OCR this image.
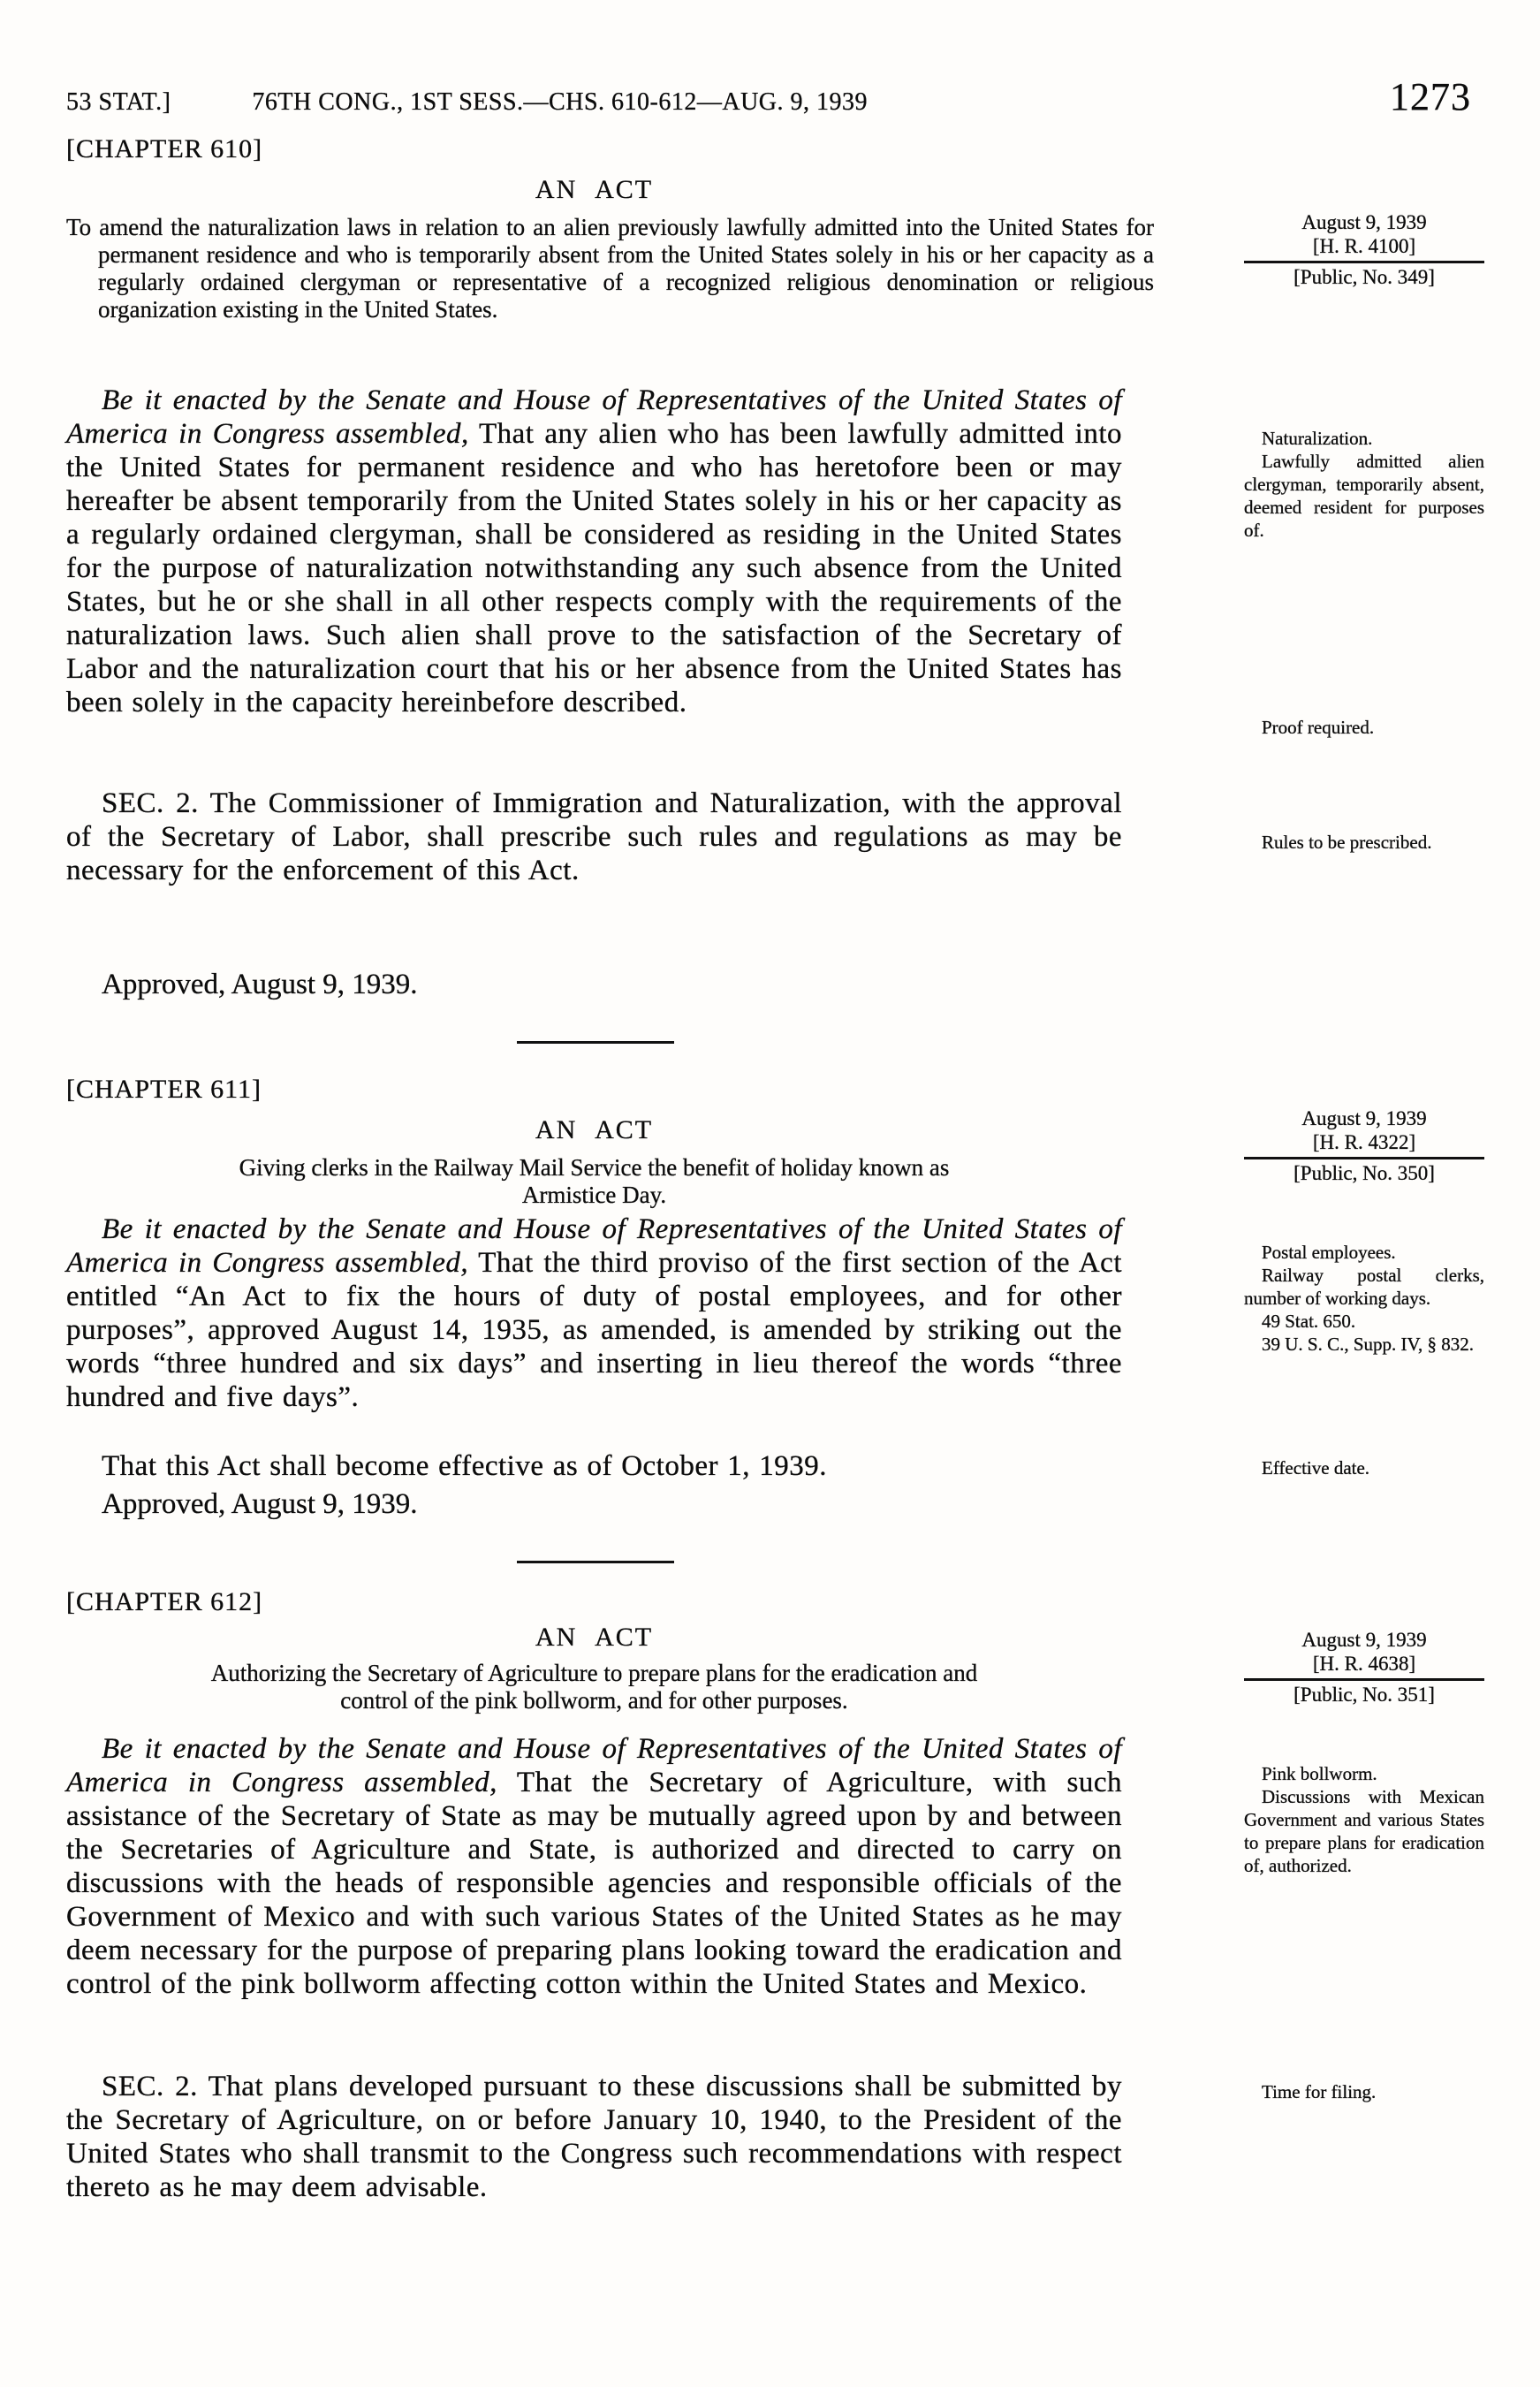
53 STAT.]	76TH CONG., 1ST SESS.—CHS. 610-612—AUG. 9, 1939	1273
[CHAPTER 610]
AN ACT
To amend the naturalization laws in relation to an alien previously lawfully admitted into the United States for permanent residence and who is temporarily absent from the United States solely in his or her capacity as a regularly ordained clergyman or representative of a recognized religious denomination or religious organization existing in the United States.

Be it enacted by the Senate and House of Representatives of the United States of America in Congress assembled, That any alien who has been lawfully admitted into the United States for permanent residence and who has heretofore been or may hereafter be absent temporarily from the United States solely in his or her capacity as a regularly ordained clergyman, shall be considered as residing in the United States for the purpose of naturalization notwithstanding any such absence from the United States, but he or she shall in all other respects comply with the requirements of the naturalization laws. Such alien shall prove to the satisfaction of the Secretary of Labor and the naturalization court that his or her absence from the United States has been solely in the capacity hereinbefore described.

SEC. 2. The Commissioner of Immigration and Naturalization, with the approval of the Secretary of Labor, shall prescribe such rules and regulations as may be necessary for the enforcement of this Act.

Approved, August 9, 1939.

August 9, 1939
[H. R. 4100]
[Public, No. 349]

Naturalization.

Lawfully admitted alien clergyman, temporarily absent, deemed resident for purposes of.

Proof required.

Rules to be prescribed.

[CHAPTER 611]
AN ACT
Giving clerks in the Railway Mail Service the benefit of holiday known as
Armistice Day.

Be it enacted by the Senate and House of Representatives of the United States of America in Congress assembled, That the third proviso of the first section of the Act entitled “An Act to fix the hours of duty of postal employees, and for other purposes”, approved August 14, 1935, as amended, is amended by striking out the words “three hundred and six days” and inserting in lieu thereof the words “three hundred and five days”.

That this Act shall become effective as of October 1, 1939.

Approved, August 9, 1939.

August 9, 1939
[H. R. 4322]
[Public, No. 350]

Postal employees.

Railway postal clerks, number of working days.

49 Stat. 650.

39 U. S. C., Supp. IV, § 832.

Effective date.

[CHAPTER 612]
AN ACT
Authorizing the Secretary of Agriculture to prepare plans for the eradication and
control of the pink bollworm, and for other purposes.

Be it enacted by the Senate and House of Representatives of the United States of America in Congress assembled, That the Secretary of Agriculture, with such assistance of the Secretary of State as may be mutually agreed upon by and between the Secretaries of Agriculture and State, is authorized and directed to carry on discussions with the heads of responsible agencies and responsible officials of the Government of Mexico and with such various States of the United States as he may deem necessary for the purpose of preparing plans looking toward the eradication and control of the pink bollworm affecting cotton within the United States and Mexico.

SEC. 2. That plans developed pursuant to these discussions shall be submitted by the Secretary of Agriculture, on or before January 10, 1940, to the President of the United States who shall transmit to the Congress such recommendations with respect thereto as he may deem advisable.

August 9, 1939
[H. R. 4638]
[Public, No. 351]

Pink bollworm.

Discussions with Mexican Government and various States to prepare plans for eradication of, authorized.

Time for filing.
